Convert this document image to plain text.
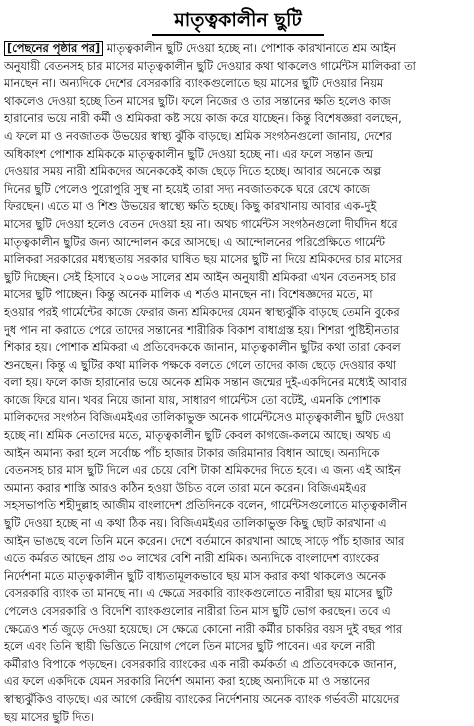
মাতৃত্বকালীন ছুটি
[পেছনের পৃষ্ঠার পর] মাতৃত্বকালীন ছুটি দেওয়া হচ্ছে না। পোশাক কারখানাতে শ্রম আইন
অনুযায়ী বেতনসহ চার মাসের মাতৃত্বকালীন ছুটি দেওয়ার কথা থাকলেও গার্মেন্টস মালিকরা তা
মানছেন না। অন্যদিকে দেশের বেসরকারি ব্যাংকগুলোতে ছয় মাসের ছুটি দেওয়ার নিয়ম
থাকলেও দেওয়া হচ্ছে তিন মাসের ছুটি। ফলে নিজের ও তার সন্তানের ক্ষতি হলেও কাজ
হারানোর ভয়ে নারী কর্মী ও শ্রমিকরা কষ্ট সয়ে কাজ করে যাচ্ছেন। কিন্তু বিশেষজ্ঞরা বলছেন,
এ ফলে মা ও নবজাতক উভয়ের স্বাস্থ্য ঝুঁকি বাড়ছে। শ্রমিক সংগঠনগুলো জানায়, দেশের
অধিকাংশ পোশাক শ্রমিককে মাতৃত্বকালীন ছুটি দেওয়া হচ্ছে না। এর ফলে সন্তান জন্ম
দেওয়ার সময় নারী শ্রমিকদের অনেককেই কাজ ছেড়ে দিতে হচ্ছে। আবার অনেকে অল্প
দিনের ছুটি পেলেও পুরোপুরি সুস্থ না হয়েই তারা সদ্য নবজাতককে ঘরে রেখে কাজে
ফিরছেন। এতে মা ও শিশু উভয়ের স্বাস্থ্যে ক্ষতি হচ্ছে। কিছু কারখানায় আবার এক-দুই
মাসের ছুটি দেওয়া হলেও বেতন দেওয়া হয় না। অথচ গার্মেন্টস সংগঠনগুলো দীর্ঘদিন ধরে
মাতৃত্বকালীন ছুটির জন্য আন্দোলন করে আসছে। এ আন্দোলনের পরিপ্রেক্ষিতে গার্মেন্ট
মালিকরা সরকারের মধ্যস্থতায় সরকার ঘাষিত ছয় মাসের ছুটি না দিয়ে শ্রমিকদের চার মাসের
ছুটি দিচ্ছেন। সেই হিসাবে ২০০৬ সালের শ্রম আইন অনুযায়ী শ্রমিকরা এখন বেতনসহ চার
মাসের ছুটি পাচ্ছেন। কিন্তু অনেক মালিক এ শর্তও মানছেন না। বিশেষজ্ঞদের মতে, মা
হওয়ার পরই গার্মেন্টের কাজে ফেরার জন্য শ্রমিকদের যেমন স্বাস্থ্যঝুঁকি বাড়ছে তেমনি বুকের
দুধ পান না করাতে পেরে তাদের সন্তানের শারীরিক বিকাশ বাধাগ্রস্ত হয়। শিশরা পুষ্টিহীনতার
শিকার হয়। পোশাক শ্রমিকরা এ প্রতিবেদককে জানান, মাতৃত্বকালীন ছুটির কথা তারা কেবল
শুনছেন। কিন্তু এ ছুটির কথা মালিক পক্ষকে বলতে গেলে তাদের কাজ ছেড়ে দেওয়ার কথা
বলা হয়। ফলে কাজ হারানোর ভয়ে অনেক শ্রমিক সন্তান জন্মের দুই-একদিনের মধ্যেই আবার
কাজে ফিরে যান। খবর নিয়ে জানা যায়, সাধারণ গার্মেন্টস তো বটেই, এমনকি পোশাক
মালিকদের সংগঠন বিজিএমইএর তালিকাভুক্ত অনেক গার্মেন্টসেও মাতৃত্বকালীন ছুটি দেওয়া
হচ্ছে না। শ্রমিক নেতাদের মতে, মাতৃত্বকালীন ছুটি কেবল কাগজে-কলমে আছে। অথচ এ
আইন অমান্য করা হলে সর্বোচ্চ পাঁচ হাজার টাকার জরিমানার বিধান আছে। অন্যদিকে
বেতনসহ চার মাস ছুটি দিলে এর চেয়ে বেশি টাকা শ্রমিকদের দিতে হবে। এ জন্য এই আইন
অমান্য করার শাস্তি আরও কঠিন হওয়া উচিত বলে তারা মনে করেন। বিজিএমইএর
সহসভাপতি শহীদুল্লাহ আজীম বাংলাদেশ প্রতিদিনকে বলেন, গার্মেন্টসগুলোতে মাতৃত্বকালীন
ছুটি দেওয়া হচ্ছে না এ কথা ঠিক নয়। বিজিএমইএর তালিকাভুক্ত কিছু ছোট কারখানা এ
আইন ভাঙছে বলে তিনি মনে করেন। দেশে বর্তমানে কারখানা আছে সাড়ে পাঁচ হাজার আর
এতে কর্মরত আছেন প্রায় ৩০ লাখের বেশি নারী শ্রমিক। অন্যদিকে বাংলাদেশ ব্যাংকের
নির্দেশনা মতে মাতৃত্বকালীন ছুটি বাধ্যতামূলকভাবে ছয় মাস করার কথা থাকলেও অনেক
বেসরকারি ব্যাংক তা মানছে না। এ ক্ষেত্রে সরকারি ব্যাংকগুলোতে নারীরা ছয় মাসের ছুটি
পেলেও বেসরকারি ও বিদেশি ব্যাংকগুলোর নারীরা তিন মাস ছুটি ভোগ করছেন। তবে এ
ক্ষেত্রেও শর্ত জুড়ে দেওয়া হয়েছে। সে ক্ষেত্রে কোনো নারী কর্মীর চাকরির বয়স দুই বছর পার
হলে এবং তিনি স্থায়ী ভিত্তিতে নিয়োগ পেলে তিন মাসের ছুটি পাবেন। এর ফলে নারী
কর্মীরাও বিপাকে পড়ছেন। বেসরকারি ব্যাংকের এক নারী কর্মকর্তা এ প্রতিবেদককে জানান,
এর ফলে একদিকে যেমন সরকারি নির্দেশ অমান্য করা হচ্ছে অন্যদিকে মা ও সন্তানের
স্বাস্থ্যঝুঁকিও বাড়ছে। এর আগে কেন্দ্রীয় ব্যাংকের নির্দেশনায় অনেক ব্যাংক গর্ভবতী মায়েদের
ছয় মাসের ছুটি দিত।
